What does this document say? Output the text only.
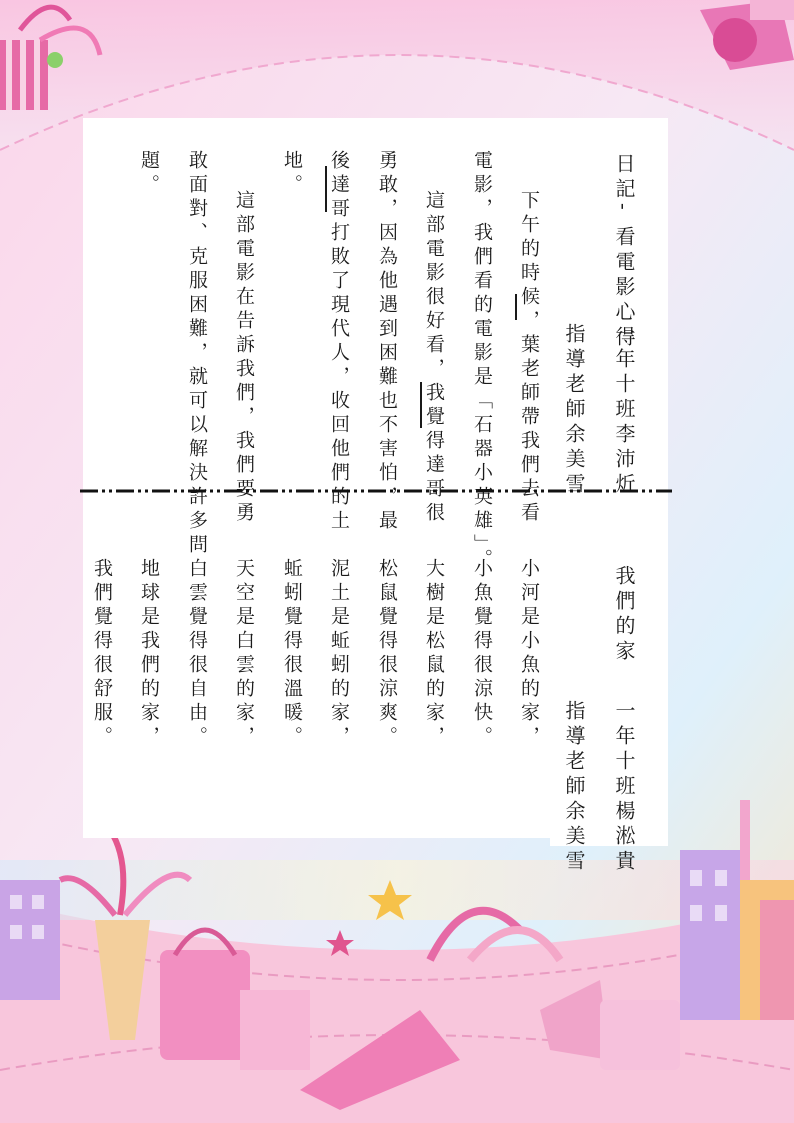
日記- 看電影心得
一年十班李沛炘
指導老師余美雪
下午的時候，葉老師帶我們去看
電影，我們看的電影是「石器小英雄」。
這部電影很好看，我覺得達哥很
勇敢，因為他遇到困難也不害怕，最
後達哥打敗了現代人，收回他們的土
地。
這部電影在告訴我們，我們要勇
敢面對、克服困難，就可以解決許多問
題。
我們的家
一年十班楊淞貴
指導老師余美雪
小河是小魚的家，
小魚覺得很涼快。
大樹是松鼠的家，
松鼠覺得很涼爽。
泥土是蚯蚓的家，
蚯蚓覺得很溫暖。
天空是白雲的家，
白雲覺得很自由。
地球是我們的家，
我們覺得很舒服。
